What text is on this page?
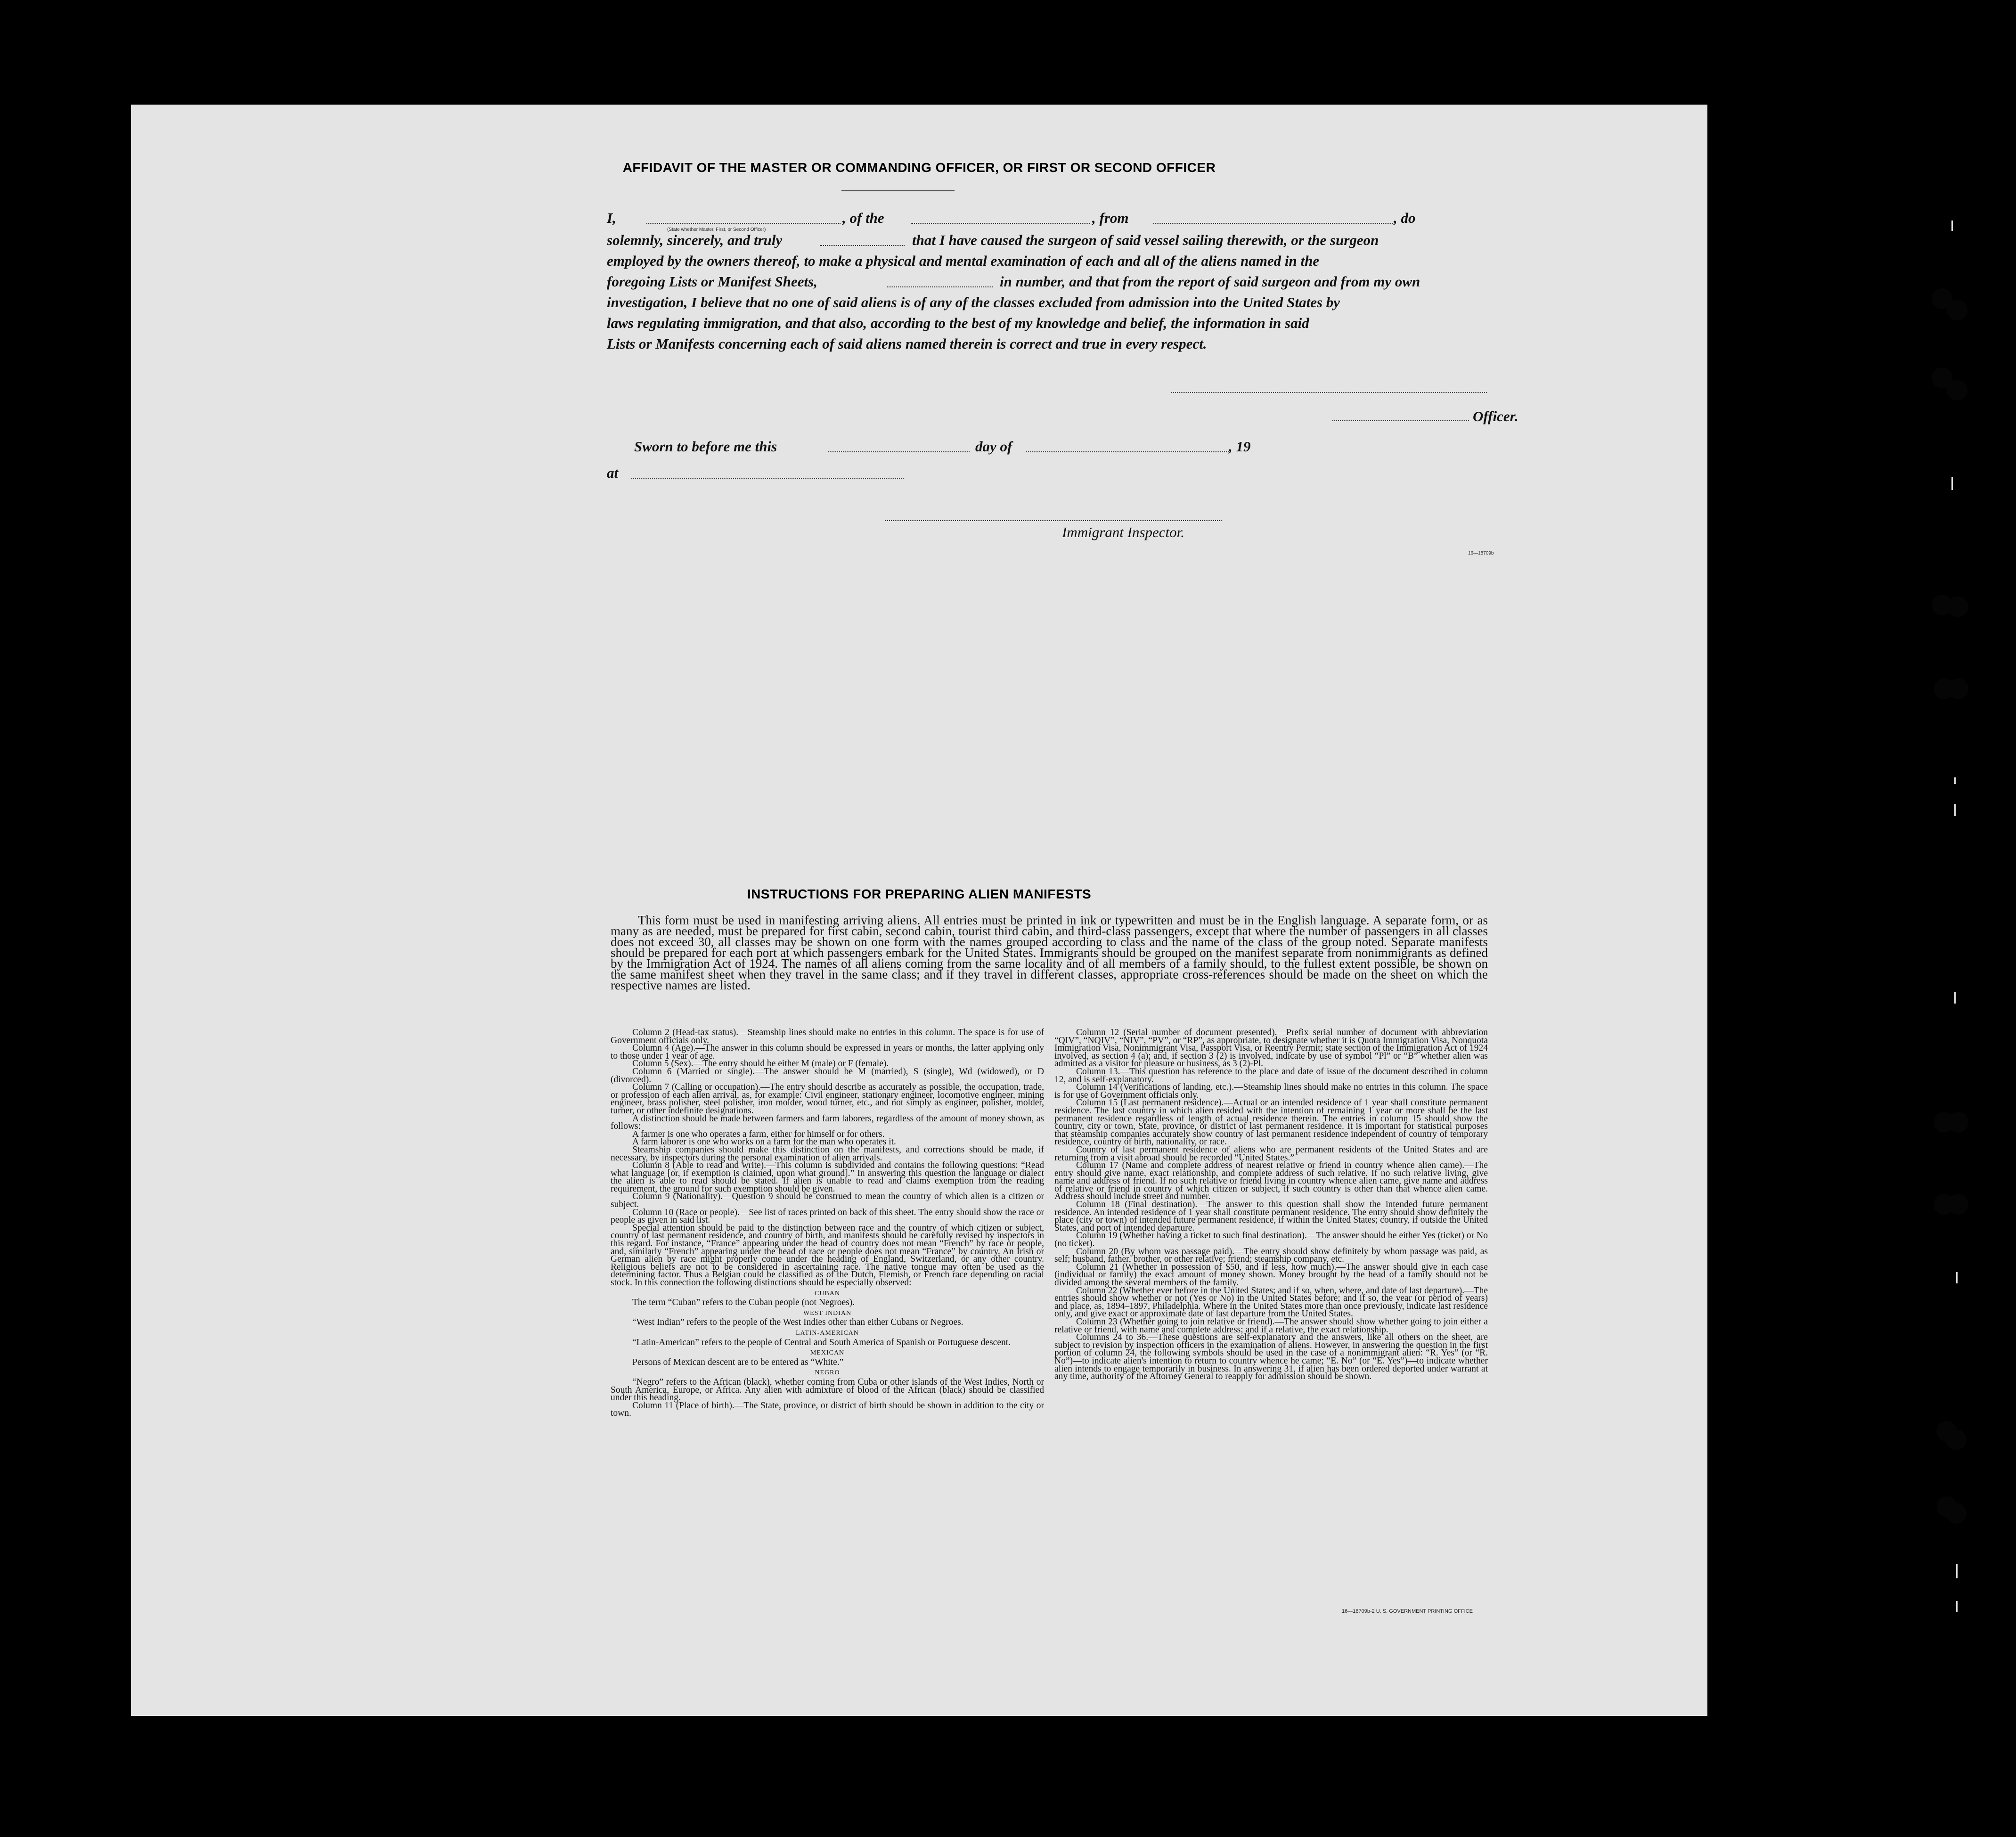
AFFIDAVIT OF THE MASTER OR COMMANDING OFFICER, OR FIRST OR SECOND OFFICER
I,	, of the	, from	, do
(State whether Master, First, or Second Officer)
solemnly, sincerely, and truly	that I have caused the surgeon of said vessel sailing therewith, or the surgeon
employed by the owners thereof, to make a physical and mental examination of each and all of the aliens named in the
foregoing Lists or Manifest Sheets,	in number, and that from the report of said surgeon and from my own
investigation, I believe that no one of said aliens is of any of the classes excluded from admission into the United States by
laws regulating immigration, and that also, according to the best of my knowledge and belief, the information in said
Lists or Manifests concerning each of said aliens named therein is correct and true in every respect.
Officer.
Sworn to before me this	day of	, 19
at
Immigrant Inspector.
16—18709b
INSTRUCTIONS FOR PREPARING ALIEN MANIFESTS
This form must be used in manifesting arriving aliens. All entries must be printed in ink or typewritten and must be in the English language. A separate form, or as many as are needed, must be prepared for first cabin, second cabin, tourist third cabin, and third-class passengers, except that where the number of passengers in all classes does not exceed 30, all classes may be shown on one form with the names grouped according to class and the name of the class of the group noted. Separate manifests should be prepared for each port at which passengers embark for the United States. Immigrants should be grouped on the manifest separate from nonimmigrants as defined by the Immigration Act of 1924. The names of all aliens coming from the same locality and of all members of a family should, to the fullest extent possible, be shown on the same manifest sheet when they travel in the same class; and if they travel in different classes, appropriate cross-references should be made on the sheet on which the respective names are listed.

Column 2 (Head-tax status).—Steamship lines should make no entries in this column. The space is for use of Government officials only.

Column 4 (Age).—The answer in this column should be expressed in years or months, the latter applying only to those under 1 year of age.

Column 5 (Sex).—The entry should be either M (male) or F (female).

Column 6 (Married or single).—The answer should be M (married), S (single), Wd (widowed), or D (divorced).

Column 7 (Calling or occupation).—The entry should describe as accurately as possible, the occupation, trade, or profession of each alien arrival, as, for example: Civil engineer, stationary engineer, locomotive engineer, mining engineer, brass polisher, steel polisher, iron molder, wood turner, etc., and not simply as engineer, polisher, molder, turner, or other indefinite designations.

A distinction should be made between farmers and farm laborers, regardless of the amount of money shown, as follows:

A farmer is one who operates a farm, either for himself or for others.

A farm laborer is one who works on a farm for the man who operates it.

Steamship companies should make this distinction on the manifests, and corrections should be made, if necessary, by inspectors during the personal examination of alien arrivals.

Column 8 (Able to read and write).—This column is subdivided and contains the following questions: “Read what language [or, if exemption is claimed, upon what ground].” In answering this question the language or dialect the alien is able to read should be stated. If alien is unable to read and claims exemption from the reading requirement, the ground for such exemption should be given.

Column 9 (Nationality).—Question 9 should be construed to mean the country of which alien is a citizen or subject.

Column 10 (Race or people).—See list of races printed on back of this sheet. The entry should show the race or people as given in said list.

Special attention should be paid to the distinction between race and the country of which citizen or subject, country of last permanent residence, and country of birth, and manifests should be carefully revised by inspectors in this regard. For instance, “France” appearing under the head of country does not mean “French” by race or people, and, similarly “French” appearing under the head of race or people does not mean “France” by country. An Irish or German alien by race might properly come under the heading of England, Switzerland, or any other country. Religious beliefs are not to be considered in ascertaining race. The native tongue may often be used as the determining factor. Thus a Belgian could be classified as of the Dutch, Flemish, or French race depending on racial stock. In this connection the following distinctions should be especially observed:

CUBAN

The term “Cuban” refers to the Cuban people (not Negroes).

WEST INDIAN

“West Indian” refers to the people of the West Indies other than either Cubans or Negroes.

LATIN-AMERICAN

“Latin-American” refers to the people of Central and South America of Spanish or Portuguese descent.

MEXICAN

Persons of Mexican descent are to be entered as “White.”

NEGRO

“Negro” refers to the African (black), whether coming from Cuba or other islands of the West Indies, North or South America, Europe, or Africa. Any alien with admixture of blood of the African (black) should be classified under this heading.

Column 11 (Place of birth).—The State, province, or district of birth should be shown in addition to the city or town.

Column 12 (Serial number of document presented).—Prefix serial number of document with abbreviation “QIV”, “NQIV”, “NIV”, “PV”, or “RP”, as appropriate, to designate whether it is Quota Immigration Visa, Nonquota Immigration Visa, Nonimmigrant Visa, Passport Visa, or Reentry Permit; state section of the Immigration Act of 1924 involved, as section 4 (a); and, if section 3 (2) is involved, indicate by use of symbol “Pl” or “B” whether alien was admitted as a visitor for pleasure or business, as 3 (2)-Pl.

Column 13.—This question has reference to the place and date of issue of the document described in column 12, and is self-explanatory.

Column 14 (Verifications of landing, etc.).—Steamship lines should make no entries in this column. The space is for use of Government officials only.

Column 15 (Last permanent residence).—Actual or an intended residence of 1 year shall constitute permanent residence. The last country in which alien resided with the intention of remaining 1 year or more shall be the last permanent residence regardless of length of actual residence therein. The entries in column 15 should show the country, city or town, State, province, or district of last permanent residence. It is important for statistical purposes that steamship companies accurately show country of last permanent residence independent of country of temporary residence, country of birth, nationality, or race.

Country of last permanent residence of aliens who are permanent residents of the United States and are returning from a visit abroad should be recorded “United States.”

Column 17 (Name and complete address of nearest relative or friend in country whence alien came).—The entry should give name, exact relationship, and complete address of such relative. If no such relative living, give name and address of friend. If no such relative or friend living in country whence alien came, give name and address of relative or friend in country of which citizen or subject, if such country is other than that whence alien came. Address should include street and number.

Column 18 (Final destination).—The answer to this question shall show the intended future permanent residence. An intended residence of 1 year shall constitute permanent residence. The entry should show definitely the place (city or town) of intended future permanent residence, if within the United States; country, if outside the United States, and port of intended departure.

Column 19 (Whether having a ticket to such final destination).—The answer should be either Yes (ticket) or No (no ticket).

Column 20 (By whom was passage paid).—The entry should show definitely by whom passage was paid, as self; husband, father, brother, or other relative; friend; steamship company, etc.

Column 21 (Whether in possession of $50, and if less, how much).—The answer should give in each case (individual or family) the exact amount of money shown. Money brought by the head of a family should not be divided among the several members of the family.

Column 22 (Whether ever before in the United States; and if so, when, where, and date of last departure).—The entries should show whether or not (Yes or No) in the United States before; and if so, the year (or period of years) and place, as, 1894–1897, Philadelphia. Where in the United States more than once previously, indicate last residence only, and give exact or approximate date of last departure from the United States.

Column 23 (Whether going to join relative or friend).—The answer should show whether going to join either a relative or friend, with name and complete address; and if a relative, the exact relationship.

Columns 24 to 36.—These questions are self-explanatory and the answers, like all others on the sheet, are subject to revision by inspection officers in the examination of aliens. However, in answering the question in the first portion of column 24, the following symbols should be used in the case of a nonimmigrant alien: “R. Yes” (or “R. No”)—to indicate alien's intention to return to country whence he came; “E. No” (or “E. Yes”)—to indicate whether alien intends to engage temporarily in business. In answering 31, if alien has been ordered deported under warrant at any time, authority of the Attorney General to reapply for admission should be shown.

16—18709b-2 U. S. GOVERNMENT PRINTING OFFICE
